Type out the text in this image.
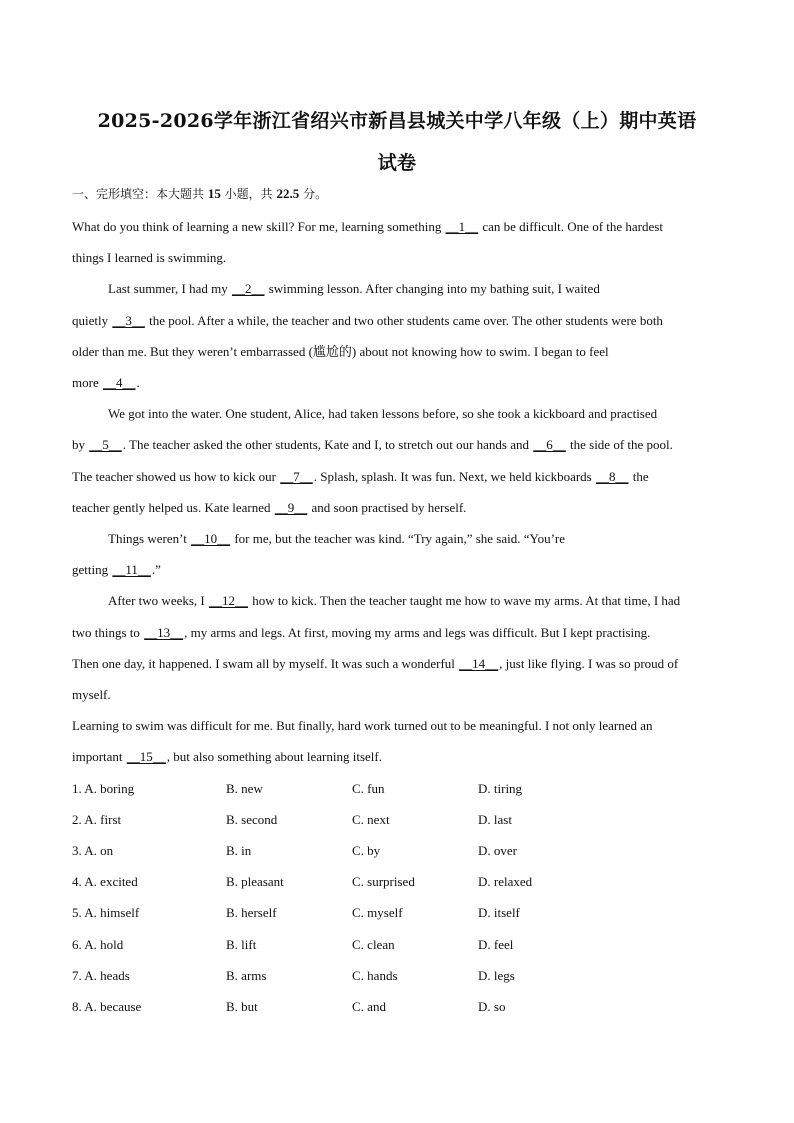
2025-2026学年浙江省绍兴市新昌县城关中学八年级（上）期中英语
试卷
一、完形填空：本大题共 15 小题，共 22.5 分。
What do you think of learning a new skill? For me, learning something __1__ can be difficult. One of the hardest
things I learned is swimming.
Last summer, I had my __2__ swimming lesson. After changing into my bathing suit, I waited
quietly __3__ the pool. After a while, the teacher and two other students came over. The other students were both
older than me. But they weren’t embarrassed (尴尬的) about not knowing how to swim. I began to feel
more __4__.
We got into the water. One student, Alice, had taken lessons before, so she took a kickboard and practised
by __5__. The teacher asked the other students, Kate and I, to stretch out our hands and __6__ the side of the pool.
The teacher showed us how to kick our __7__. Splash, splash. It was fun. Next, we held kickboards __8__ the
teacher gently helped us. Kate learned __9__ and soon practised by herself.
Things weren’t __10__ for me, but the teacher was kind. “Try again,” she said. “You’re
getting __11__.”
After two weeks, I __12__ how to kick. Then the teacher taught me how to wave my arms. At that time, I had
two things to __13__, my arms and legs. At first, moving my arms and legs was difficult. But I kept practising.
Then one day, it happened. I swam all by myself. It was such a wonderful __14__, just like flying. I was so proud of
myself.
Learning to swim was difficult for me. But finally, hard work turned out to be meaningful. I not only learned an
important __15__, but also something about learning itself.
1. A. boring	B. new	C. fun	D. tiring
2. A. first	B. second	C. next	D. last
3. A. on	B. in	C. by	D. over
4. A. excited	B. pleasant	C. surprised	D. relaxed
5. A. himself	B. herself	C. myself	D. itself
6. A. hold	B. lift	C. clean	D. feel
7. A. heads	B. arms	C. hands	D. legs
8. A. because	B. but	C. and	D. so
